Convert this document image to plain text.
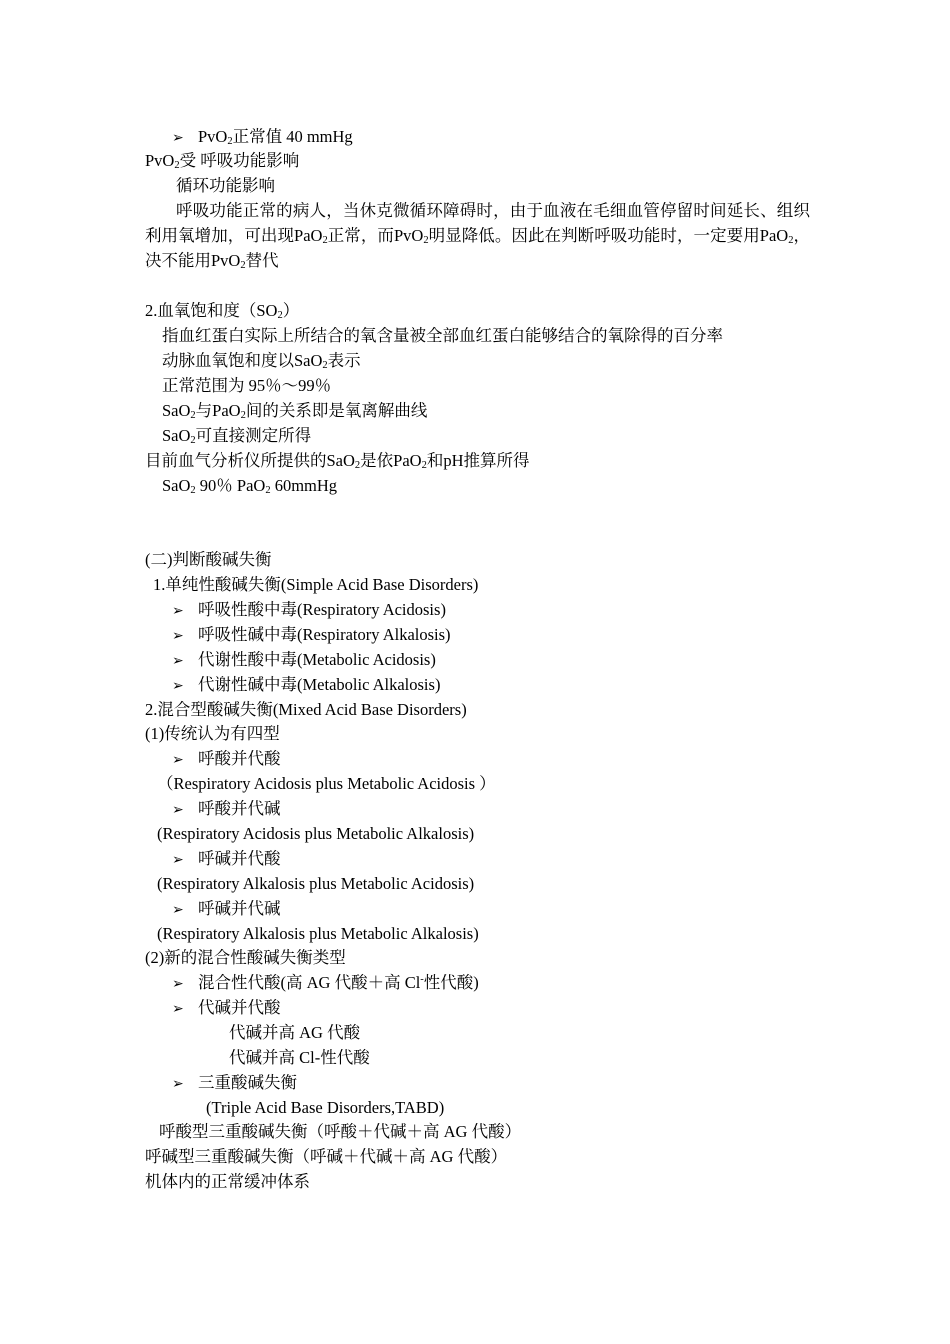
➢ PvO$_2$正常值 40 mmHg
PvO$_2$受 呼吸功能影响
循环功能影响
呼吸功能正常的病人，当休克微循环障碍时，由于血液在毛细血管停留时间延长、组织利用氧增加，可出现PaO$_2$正常，而PvO$_2$明显降低。因此在判断呼吸功能时，一定要用PaO$_2$，决不能用PvO$_2$替代
2.血氧饱和度$(SO_2)$
指血红蛋白实际上所结合的氧含量被全部血红蛋白能够结合的氧除得的百分率
动脉血氧饱和度以SaO$_2$表示
正常范围为 95％～99％
SaO$_2$与PaO$_2$间的关系即是氧离解曲线
SaO$_2$可直接测定所得
目前血气分析仪所提供的SaO$_2$是依PaO$_2$和pH推算所得
SaO$_2$ 90％ PaO$_2$ 60mmHg
(二)判断酸碱失衡
1.单纯性酸碱失衡(Simple Acid Base Disorders)
➢ 呼吸性酸中毒(Respiratory Acidosis)
➢ 呼吸性碱中毒(Respiratory Alkalosis)
➢ 代谢性酸中毒(Metabolic Acidosis)
➢ 代谢性碱中毒(Metabolic Alkalosis)
2.混合型酸碱失衡(Mixed Acid Base Disorders)
(1)传统认为有四型
➢ 呼酸并代酸
（Respiratory Acidosis plus Metabolic Acidosis ）
➢ 呼酸并代碱
(Respiratory Acidosis plus Metabolic Alkalosis)
➢ 呼碱并代酸
(Respiratory Alkalosis plus Metabolic Acidosis)
➢ 呼碱并代碱
(Respiratory Alkalosis plus Metabolic Alkalosis)
(2)新的混合性酸碱失衡类型
➢ 混合性代酸(高 AG 代酸＋高 Cl-性代酸)
➢ 代碱并代酸
代碱并高 AG 代酸
代碱并高 Cl-性代酸
➢ 三重酸碱失衡
(Triple Acid Base Disorders,TABD)
呼酸型三重酸碱失衡（呼酸＋代碱＋高 AG 代酸）
呼碱型三重酸碱失衡（呼碱＋代碱＋高 AG 代酸）
机体内的正常缓冲体系
